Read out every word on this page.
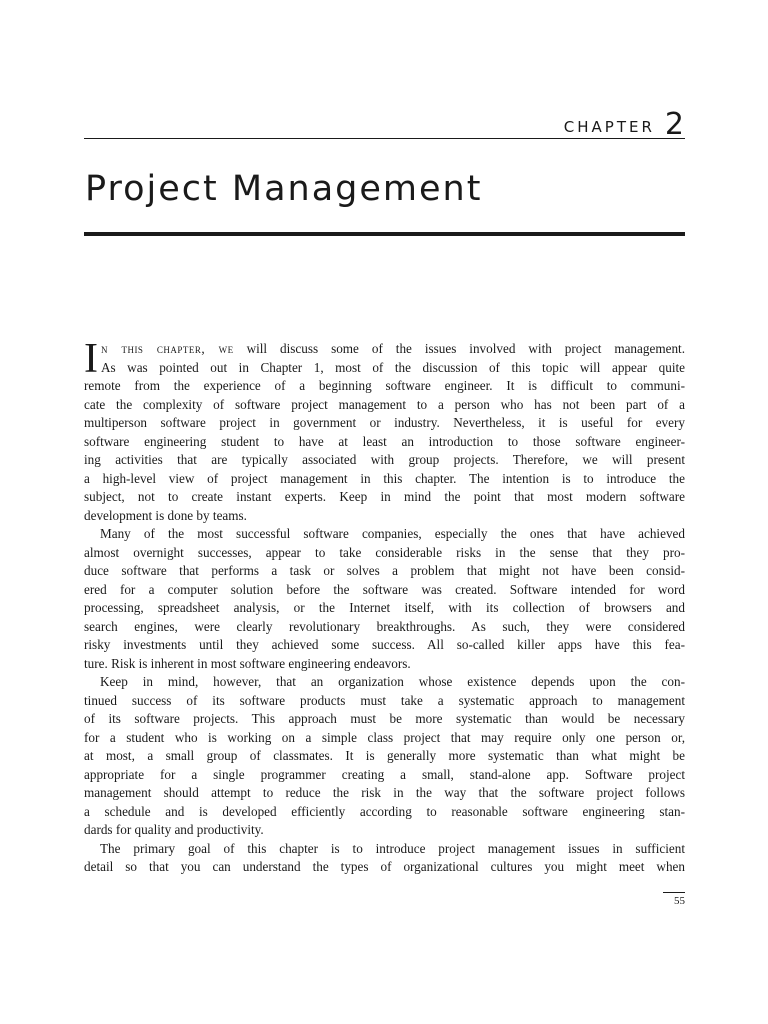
CHAPTER 2
Project Management
I n this chapter, we will discuss some of the issues involved with project management.
As was pointed out in Chapter 1, most of the discussion of this topic will appear quite
remote from the experience of a beginning software engineer. It is difficult to communi-
cate the complexity of software project management to a person who has not been part of a
multiperson software project in government or industry. Nevertheless, it is useful for every
software engineering student to have at least an introduction to those software engineer-
ing activities that are typically associated with group projects. Therefore, we will present
a high-level view of project management in this chapter. The intention is to introduce the
subject, not to create instant experts. Keep in mind the point that most modern software
development is done by teams.
Many of the most successful software companies, especially the ones that have achieved
almost overnight successes, appear to take considerable risks in the sense that they pro-
duce software that performs a task or solves a problem that might not have been consid-
ered for a computer solution before the software was created. Software intended for word
processing, spreadsheet analysis, or the Internet itself, with its collection of browsers and
search engines, were clearly revolutionary breakthroughs. As such, they were considered
risky investments until they achieved some success. All so-called killer apps have this fea-
ture. Risk is inherent in most software engineering endeavors.
Keep in mind, however, that an organization whose existence depends upon the con-
tinued success of its software products must take a systematic approach to management
of its software projects. This approach must be more systematic than would be necessary
for a student who is working on a simple class project that may require only one person or,
at most, a small group of classmates. It is generally more systematic than what might be
appropriate for a single programmer creating a small, stand-alone app. Software project
management should attempt to reduce the risk in the way that the software project follows
a schedule and is developed efficiently according to reasonable software engineering stan-
dards for quality and productivity.
The primary goal of this chapter is to introduce project management issues in sufficient
detail so that you can understand the types of organizational cultures you might meet when
55
